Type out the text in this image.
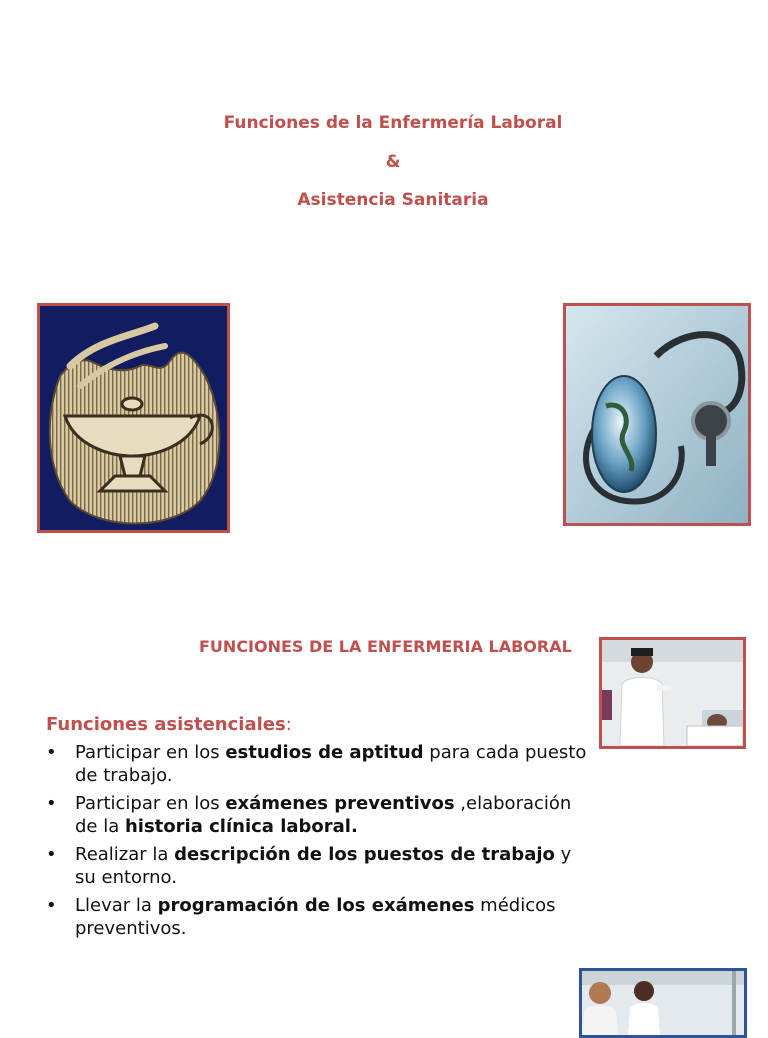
Funciones de la Enfermería Laboral
&
Asistencia Sanitaria
FUNCIONES DE LA ENFERMERIA LABORAL
Funciones asistenciales:
• Participar en los estudios de aptitud para cada puesto de trabajo.
• Participar en los exámenes preventivos ,elaboración de la historia clínica laboral.
• Realizar la descripción de los puestos de trabajo y su entorno.
• Llevar la programación de los exámenes médicos preventivos.
